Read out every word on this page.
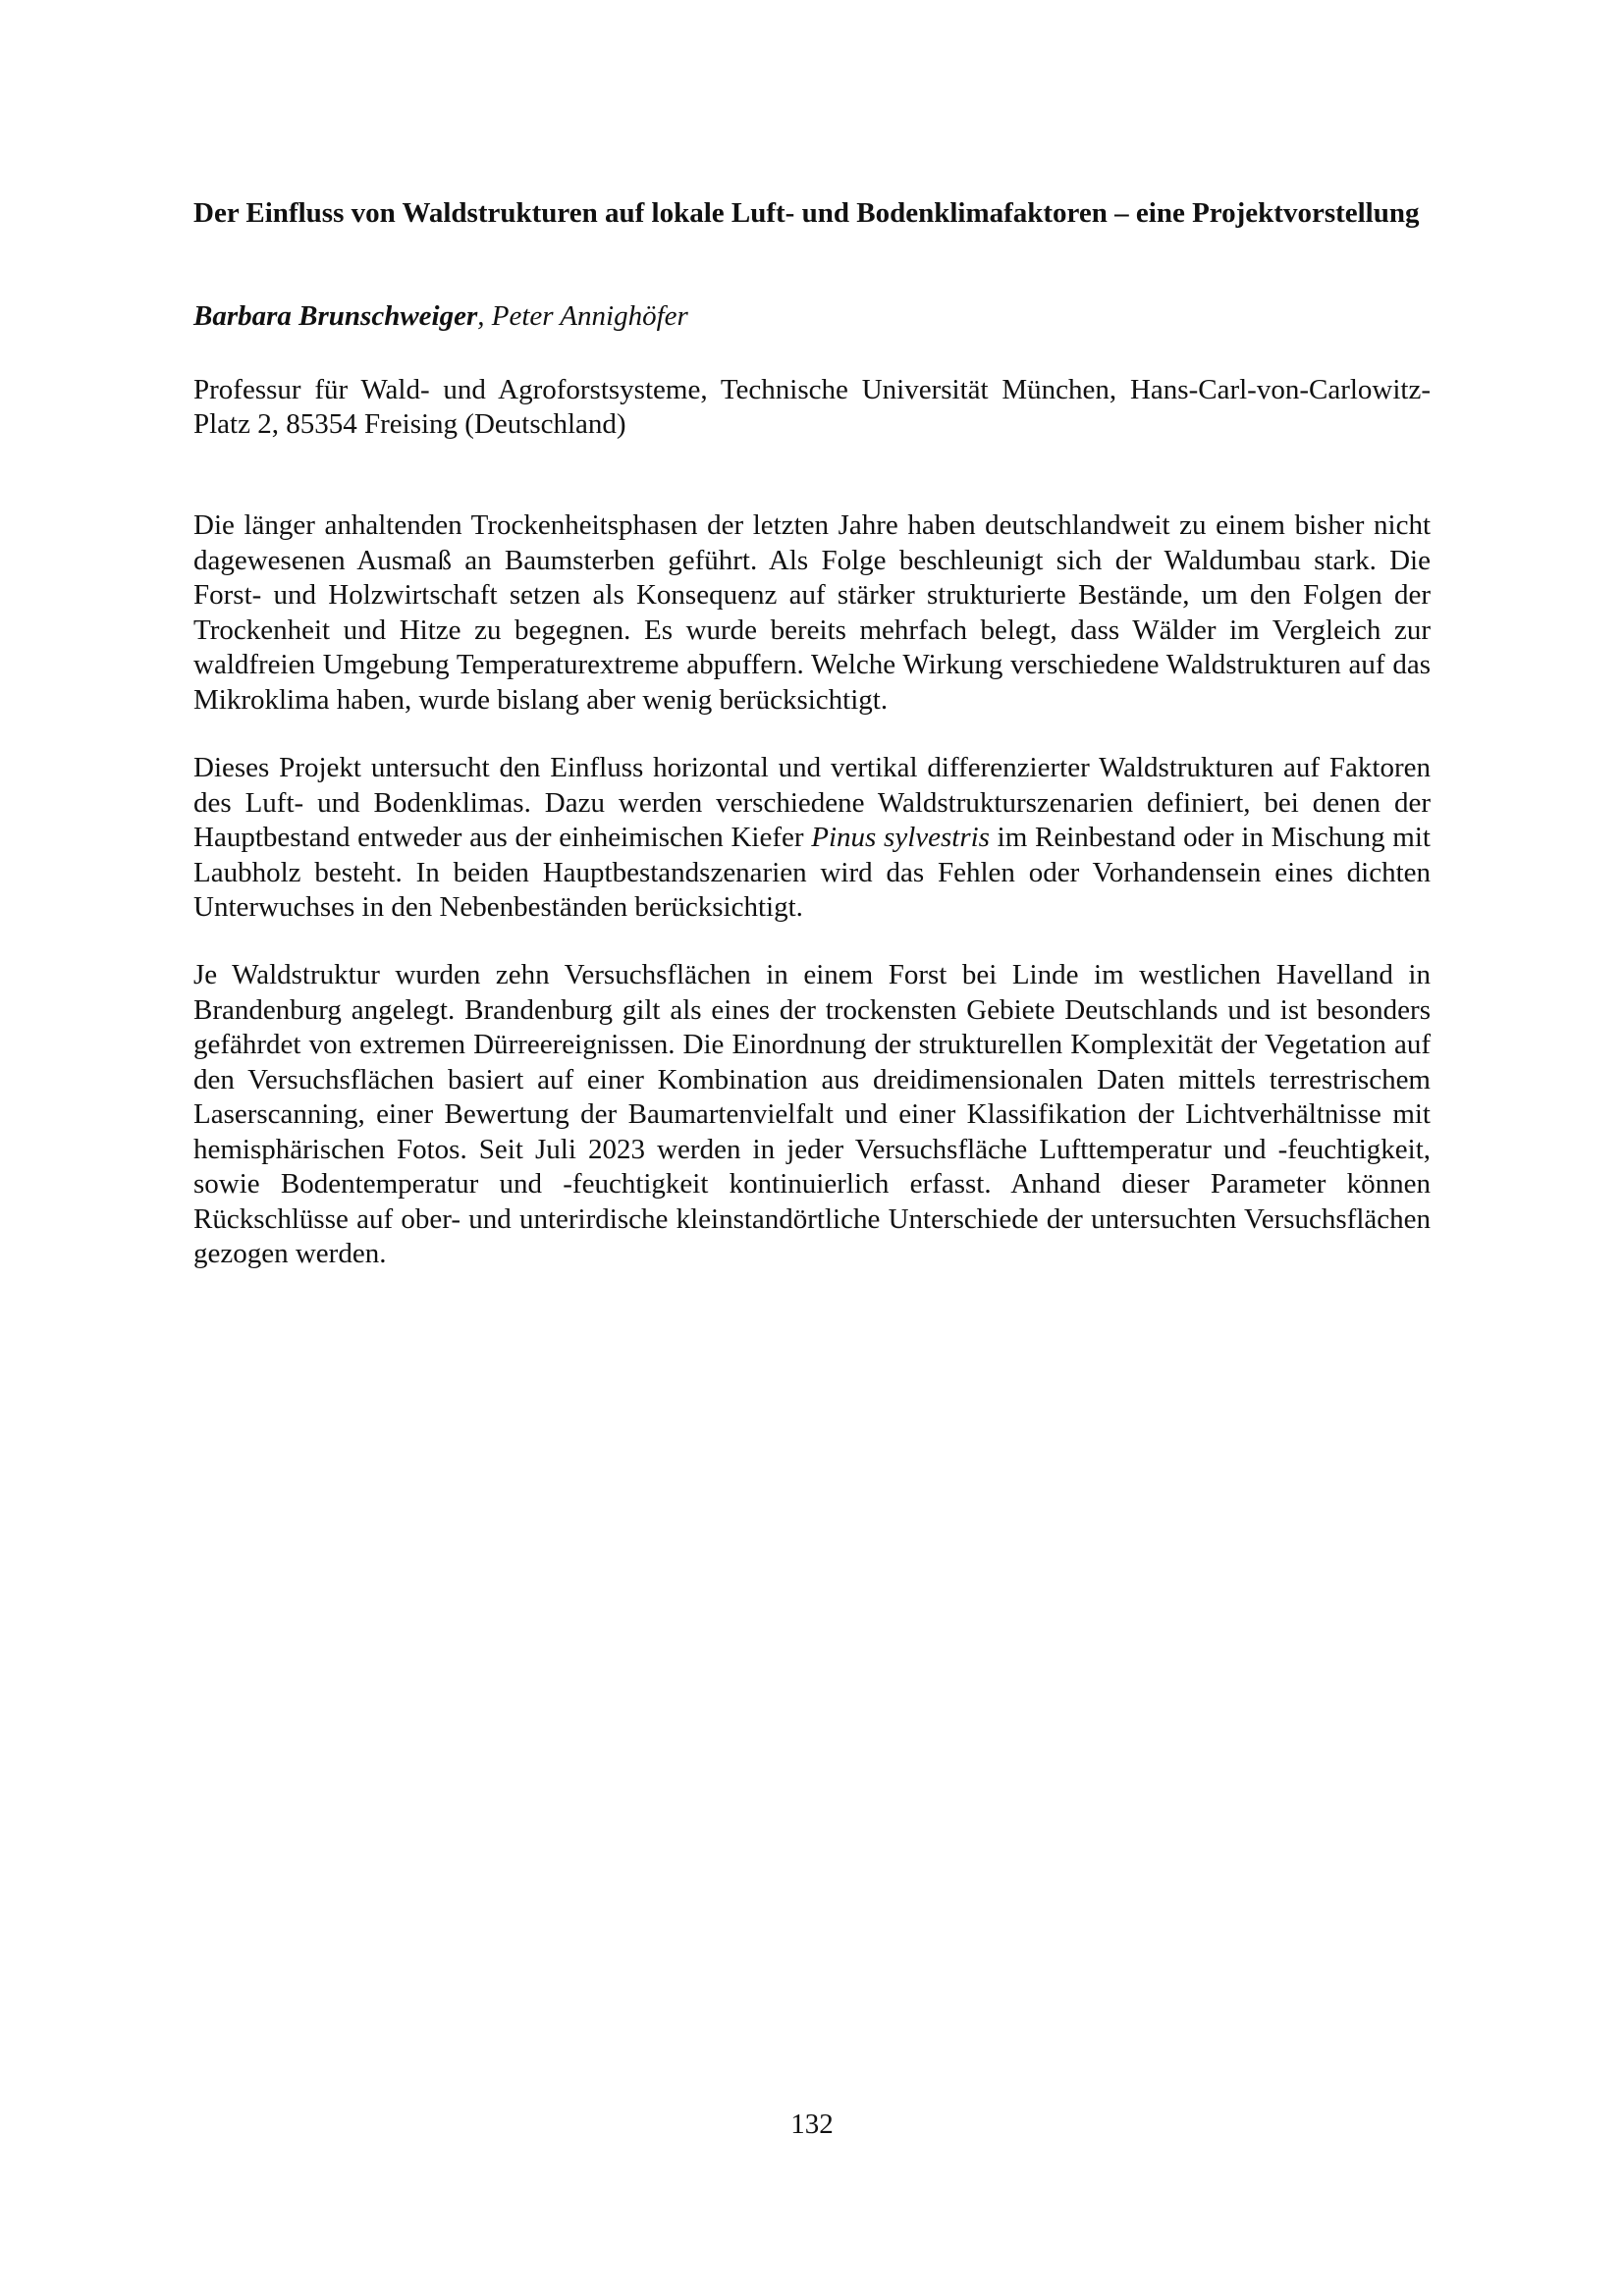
Der Einfluss von Waldstrukturen auf lokale Luft- und Bodenklimafaktoren – eine Projektvorstellung

Barbara Brunschweiger, Peter Annighöfer

Professur für Wald- und Agroforstsysteme, Technische Universität München, Hans-Carl-von-Carlowitz-Platz 2, 85354 Freising (Deutschland)

Die länger anhaltenden Trockenheitsphasen der letzten Jahre haben deutschlandweit zu einem bisher nicht dagewesenen Ausmaß an Baumsterben geführt. Als Folge beschleunigt sich der Waldumbau stark. Die Forst- und Holzwirtschaft setzen als Konsequenz auf stärker strukturierte Bestände, um den Folgen der Trockenheit und Hitze zu begegnen. Es wurde bereits mehrfach belegt, dass Wälder im Vergleich zur waldfreien Umgebung Temperaturextreme abpuffern. Welche Wirkung verschiedene Waldstrukturen auf das Mikroklima haben, wurde bislang aber wenig berücksichtigt.

Dieses Projekt untersucht den Einfluss horizontal und vertikal differenzierter Waldstrukturen auf Faktoren des Luft- und Bodenklimas. Dazu werden verschiedene Waldstrukturszenarien definiert, bei denen der Hauptbestand entweder aus der einheimischen Kiefer Pinus sylvestris im Reinbestand oder in Mischung mit Laubholz besteht. In beiden Hauptbestandszenarien wird das Fehlen oder Vorhandensein eines dichten Unterwuchses in den Nebenbeständen berücksichtigt.

Je Waldstruktur wurden zehn Versuchsflächen in einem Forst bei Linde im westlichen Havelland in Brandenburg angelegt. Brandenburg gilt als eines der trockensten Gebiete Deutschlands und ist besonders gefährdet von extremen Dürreereignissen. Die Einordnung der strukturellen Komplexität der Vegetation auf den Versuchsflächen basiert auf einer Kombination aus dreidimensionalen Daten mittels terrestrischem Laserscanning, einer Bewertung der Baumartenvielfalt und einer Klassifikation der Lichtverhältnisse mit hemisphärischen Fotos. Seit Juli 2023 werden in jeder Versuchsfläche Lufttemperatur und -feuchtigkeit, sowie Bodentemperatur und -feuchtigkeit kontinuierlich erfasst. Anhand dieser Parameter können Rückschlüsse auf ober- und unterirdische kleinstandörtliche Unterschiede der untersuchten Versuchsflächen gezogen werden.

132
